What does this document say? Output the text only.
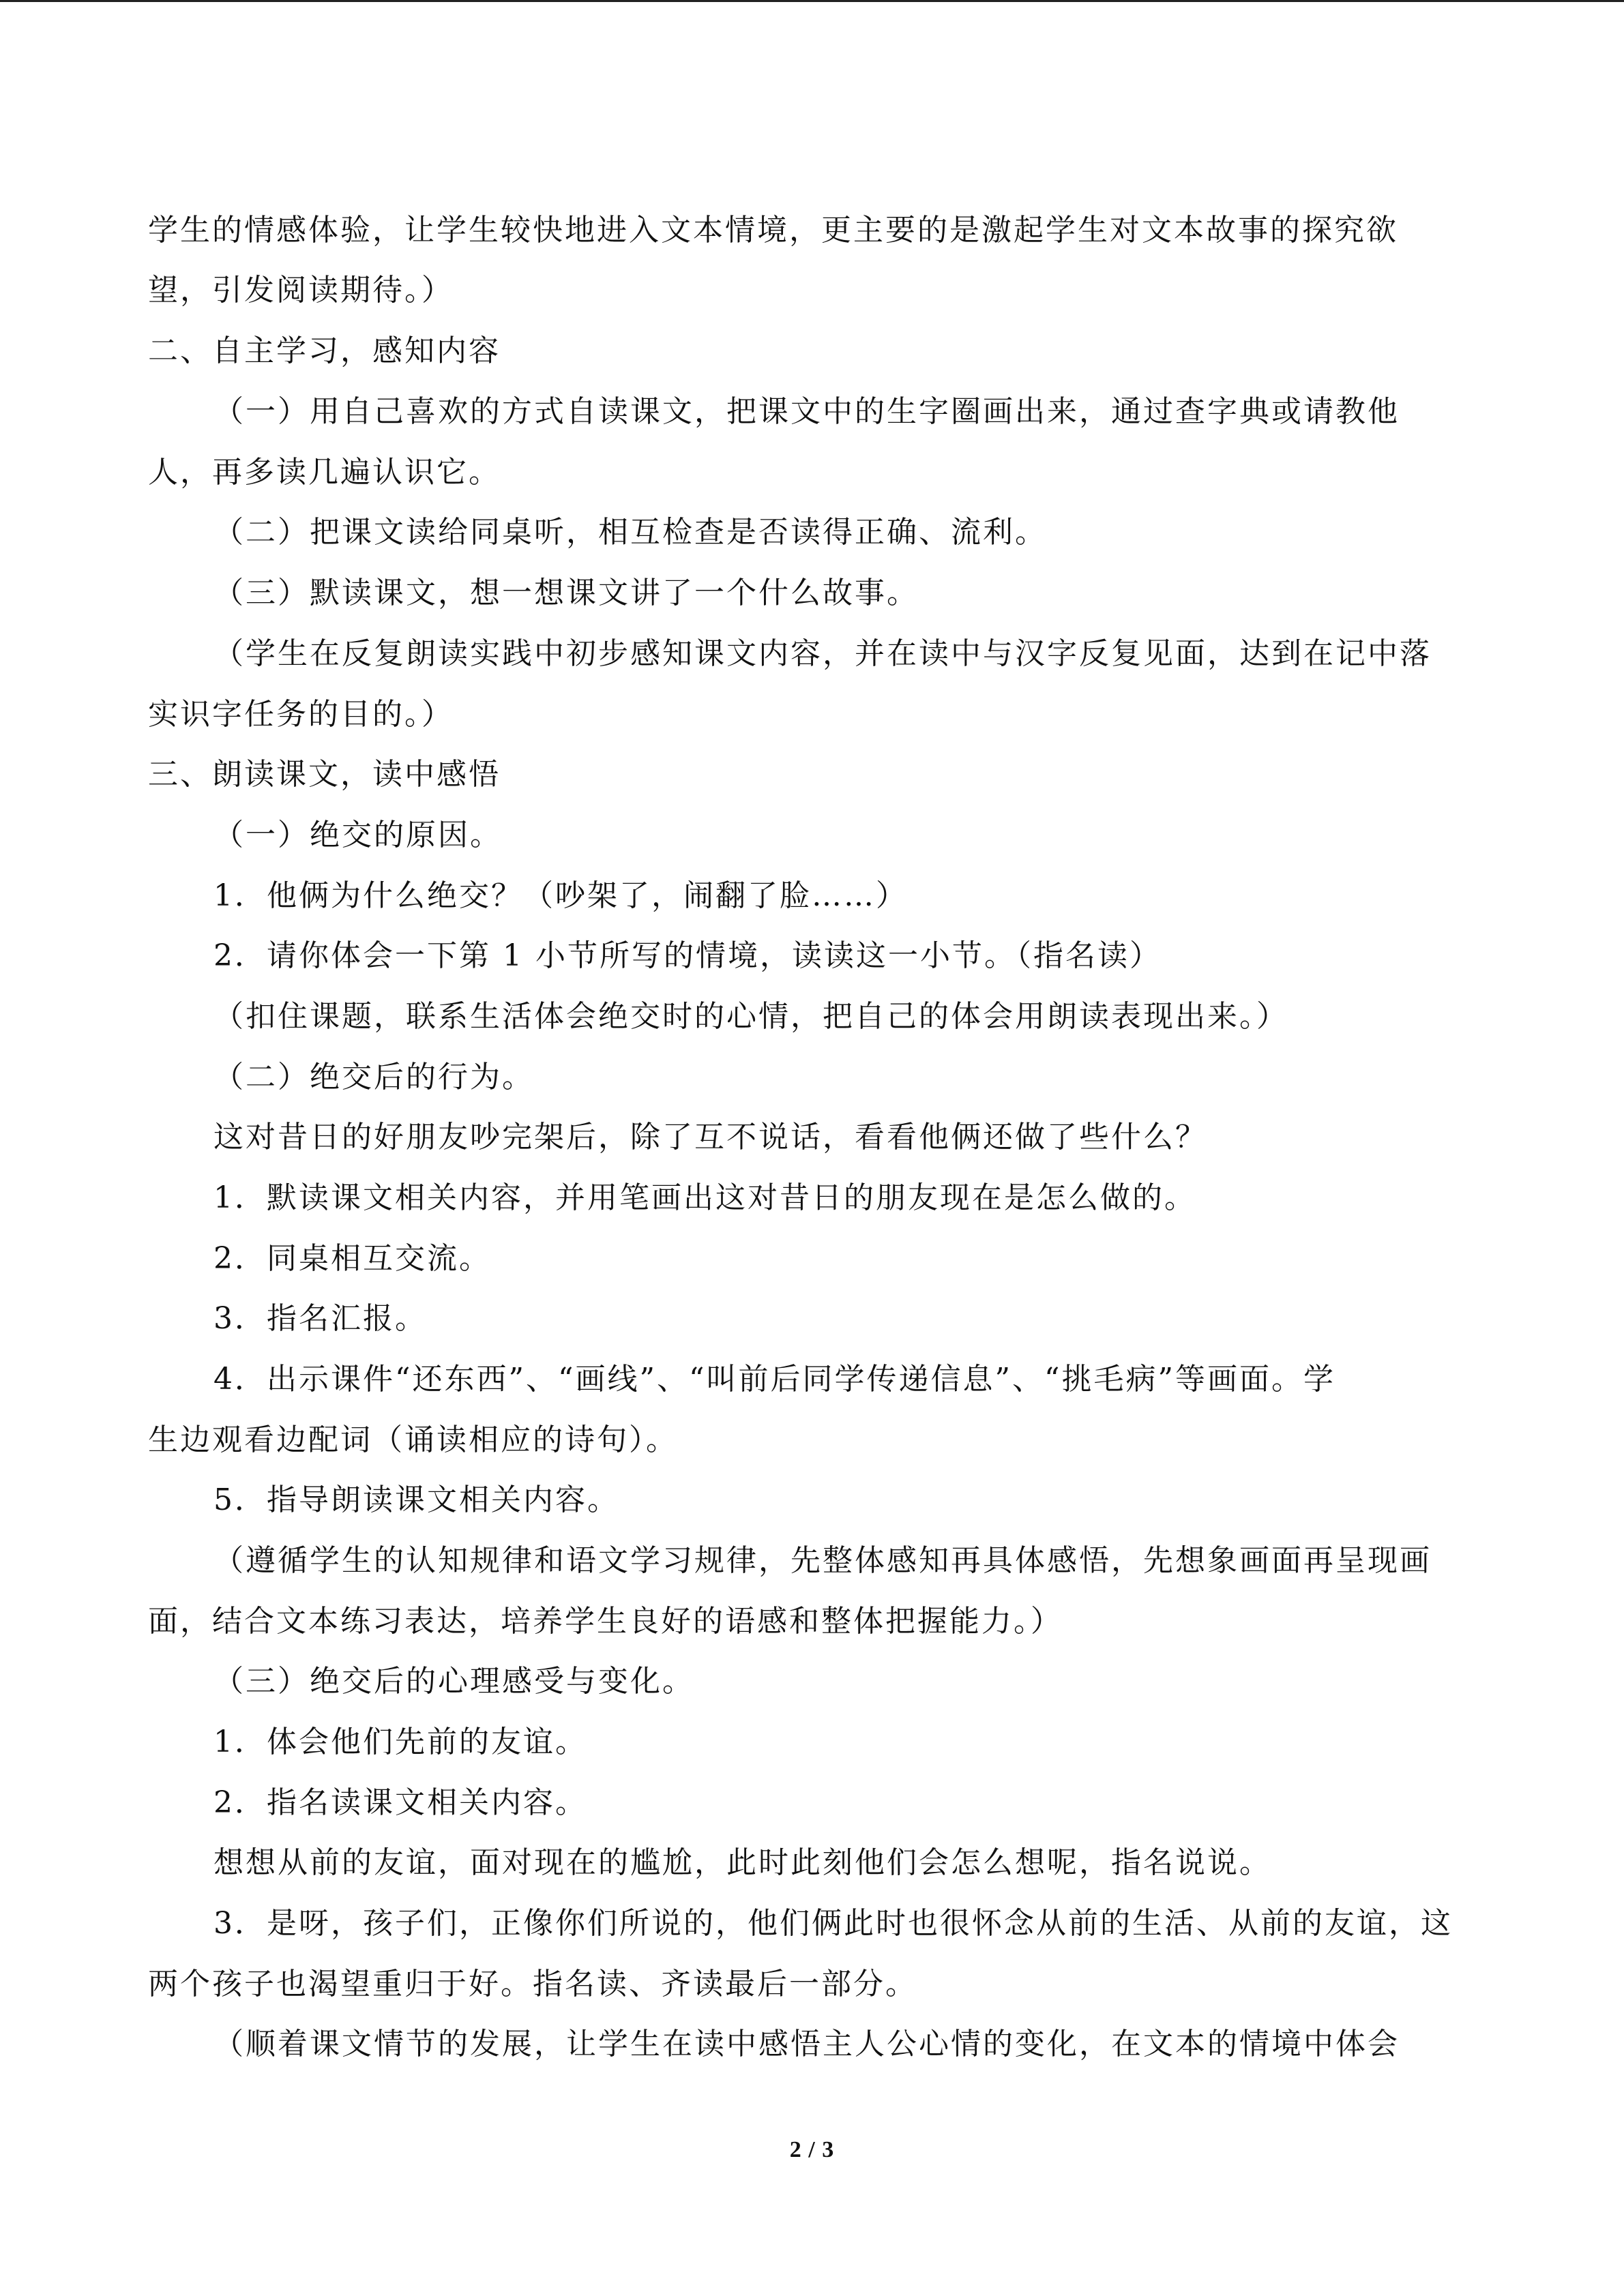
学生的情感体验，让学生较快地进入文本情境，更主要的是激起学生对文本故事的探究欲
望，引发阅读期待。）
二、自主学习，感知内容
（一）用自己喜欢的方式自读课文，把课文中的生字圈画出来，通过查字典或请教他
人，再多读几遍认识它。
（二）把课文读给同桌听，相互检查是否读得正确、流利。
（三）默读课文，想一想课文讲了一个什么故事。
（学生在反复朗读实践中初步感知课文内容，并在读中与汉字反复见面，达到在记中落
实识字任务的目的。）
三、朗读课文，读中感悟
（一）绝交的原因。
1．他俩为什么绝交？（吵架了，闹翻了脸……）
2．请你体会一下第 1 小节所写的情境，读读这一小节。（指名读）
（扣住课题，联系生活体会绝交时的心情，把自己的体会用朗读表现出来。）
（二）绝交后的行为。
这对昔日的好朋友吵完架后，除了互不说话，看看他俩还做了些什么？
1．默读课文相关内容，并用笔画出这对昔日的朋友现在是怎么做的。
2．同桌相互交流。
3．指名汇报。
4．出示课件“还东西”、“画线”、“叫前后同学传递信息”、“挑毛病”等画面。学
生边观看边配词（诵读相应的诗句）。
5．指导朗读课文相关内容。
（遵循学生的认知规律和语文学习规律，先整体感知再具体感悟，先想象画面再呈现画
面，结合文本练习表达，培养学生良好的语感和整体把握能力。）
（三）绝交后的心理感受与变化。
1．体会他们先前的友谊。
2．指名读课文相关内容。
想想从前的友谊，面对现在的尴尬，此时此刻他们会怎么想呢，指名说说。
3．是呀，孩子们，正像你们所说的，他们俩此时也很怀念从前的生活、从前的友谊，这
两个孩子也渴望重归于好。指名读、齐读最后一部分。
（顺着课文情节的发展，让学生在读中感悟主人公心情的变化，在文本的情境中体会
2 / 3
